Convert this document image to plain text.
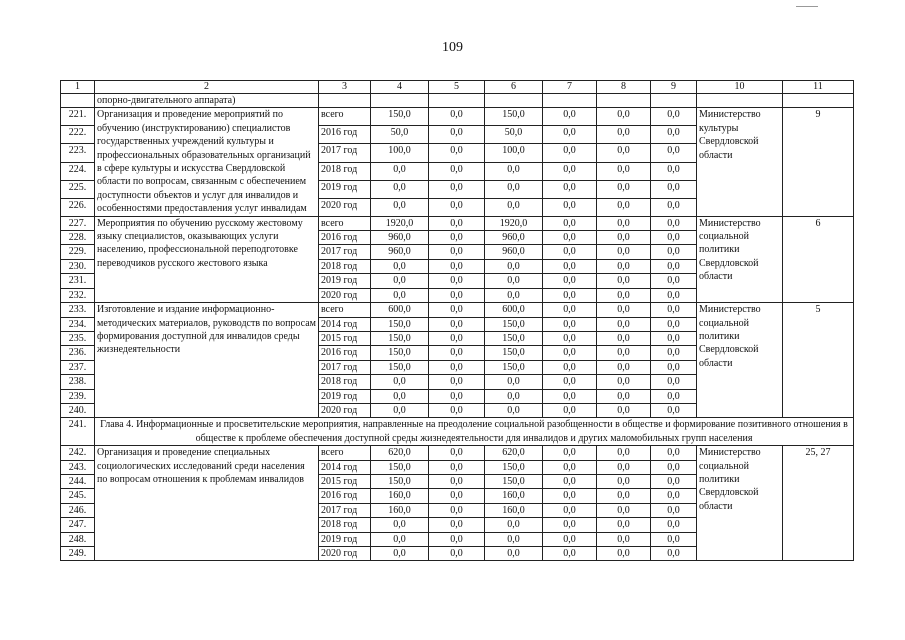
109
1	2	3	4	5	6	7	8	9	10	11
	опорно-двигательного аппарата)									
221.	Организация и проведение мероприятий по обучению (инструктированию) специалистов государственных учреждений культуры и профессиональных образовательных организаций в сфере культуры и искусства Свердловской области по вопросам, связанным с обеспечением доступности объектов и услуг для инвалидов и особенностями предоставления услуг инвалидам	всего	150,0	0,0	150,0	0,0	0,0	0,0	Министерство культуры Свердловской области	9
222.		2016 год	50,0	0,0	50,0	0,0	0,0	0,0		
223.		2017 год	100,0	0,0	100,0	0,0	0,0	0,0		
224.		2018 год	0,0	0,0	0,0	0,0	0,0	0,0		
225.		2019 год	0,0	0,0	0,0	0,0	0,0	0,0		
226.		2020 год	0,0	0,0	0,0	0,0	0,0	0,0		
227.	Мероприятия по обучению русскому жестовому языку специалистов, оказывающих услуги населению, профессиональной переподготовке переводчиков русского жестового языка	всего	1920,0	0,0	1920,0	0,0	0,0	0,0	Министерство социальной политики Свердловской области	6
228.		2016 год	960,0	0,0	960,0	0,0	0,0	0,0		
229.		2017 год	960,0	0,0	960,0	0,0	0,0	0,0		
230.		2018 год	0,0	0,0	0,0	0,0	0,0	0,0		
231.		2019 год	0,0	0,0	0,0	0,0	0,0	0,0		
232.		2020 год	0,0	0,0	0,0	0,0	0,0	0,0		
233.	Изготовление и издание информационно-методических материалов, руководств по вопросам формирования доступной для инвалидов среды жизнедеятельности	всего	600,0	0,0	600,0	0,0	0,0	0,0	Министерство социальной политики Свердловской области	5
234.		2014 год	150,0	0,0	150,0	0,0	0,0	0,0		
235.		2015 год	150,0	0,0	150,0	0,0	0,0	0,0		
236.		2016 год	150,0	0,0	150,0	0,0	0,0	0,0		
237.		2017 год	150,0	0,0	150,0	0,0	0,0	0,0		
238.		2018 год	0,0	0,0	0,0	0,0	0,0	0,0		
239.		2019 год	0,0	0,0	0,0	0,0	0,0	0,0		
240.		2020 год	0,0	0,0	0,0	0,0	0,0	0,0		
241.	Глава 4. Информационные и просветительские мероприятия, направленные на преодоление социальной разобщенности в обществе и формирование позитивного отношения в обществе к проблеме обеспечения доступной среды жизнедеятельности для инвалидов и других маломобильных групп населения									
242.	Организация и проведение специальных социологических исследований среди населения по вопросам отношения к проблемам инвалидов	всего	620,0	0,0	620,0	0,0	0,0	0,0	Министерство социальной политики Свердловской области	25, 27
243.		2014 год	150,0	0,0	150,0	0,0	0,0	0,0		
244.		2015 год	150,0	0,0	150,0	0,0	0,0	0,0		
245.		2016 год	160,0	0,0	160,0	0,0	0,0	0,0		
246.		2017 год	160,0	0,0	160,0	0,0	0,0	0,0		
247.		2018 год	0,0	0,0	0,0	0,0	0,0	0,0		
248.		2019 год	0,0	0,0	0,0	0,0	0,0	0,0		
249.		2020 год	0,0	0,0	0,0	0,0	0,0	0,0		
